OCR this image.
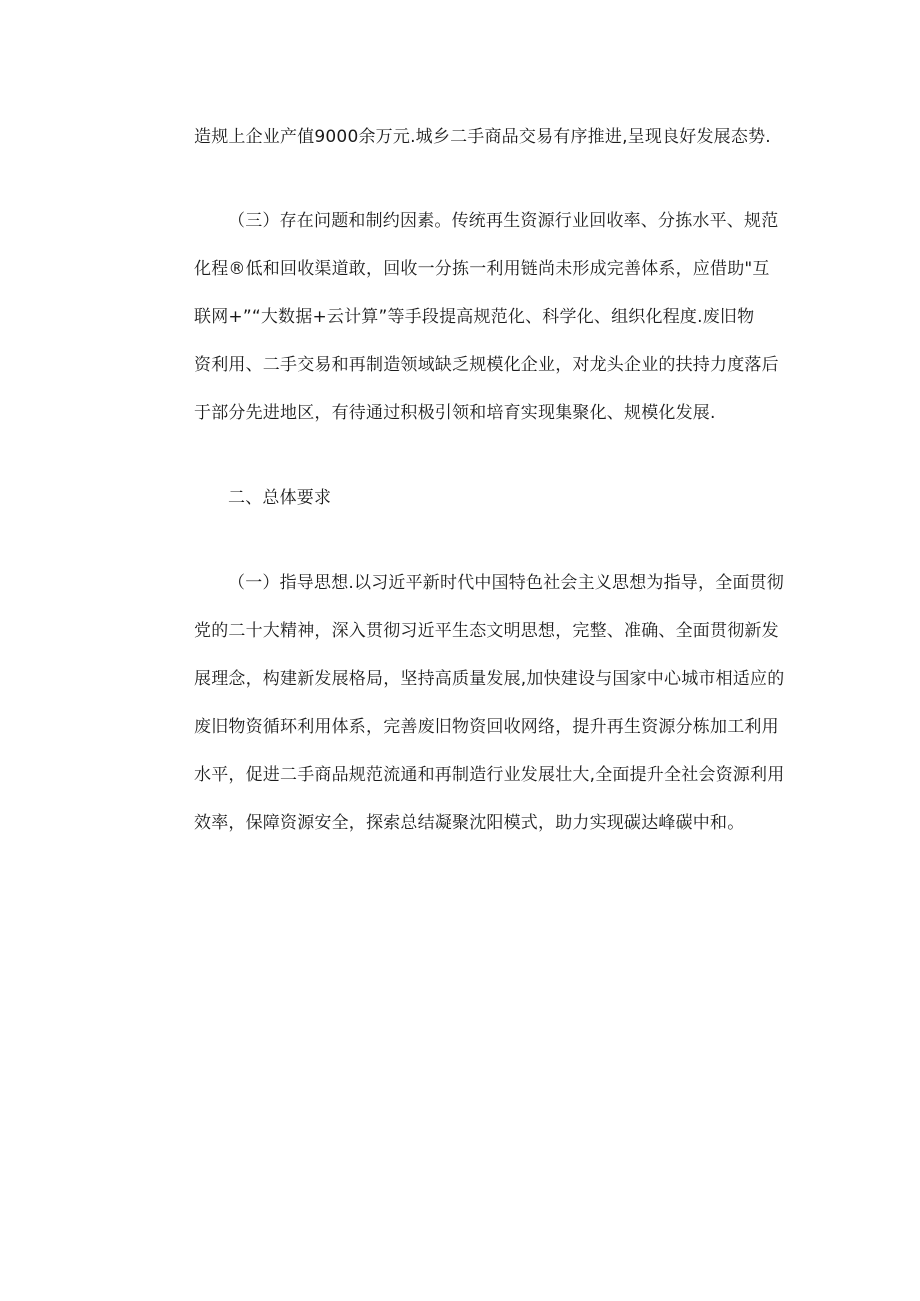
造规上企业产值9000余万元.城乡二手商品交易有序推进,呈现良好发展态势.
（三）存在问题和制约因素。传统再生资源行业回收率、分拣水平、规范
化程®低和回收渠道敢，回收一分拣一利用链尚未形成完善体系，应借助"互
联网+”“大数据+云计算”等手段提高规范化、科学化、组织化程度.废旧物
资利用、二手交易和再制造领域缺乏规模化企业，对龙头企业的扶持力度落后
于部分先进地区，有待通过积极引领和培育实现集聚化、规模化发展.
二、总体要求
（一）指导思想.以习近平新时代中国特色社会主义思想为指导，全面贯彻
党的二十大精神，深入贯彻习近平生态文明思想，完整、准确、全面贯彻新发
展理念，构建新发展格局，坚持高质量发展,加快建设与国家中心城市相适应的
废旧物资循环利用体系，完善废旧物资回收网络，提升再生资源分栋加工利用
水平，促进二手商品规范流通和再制造行业发展壮大,全面提升全社会资源利用
效率，保障资源安全，探索总结凝聚沈阳模式，助力实现碳达峰碳中和。
